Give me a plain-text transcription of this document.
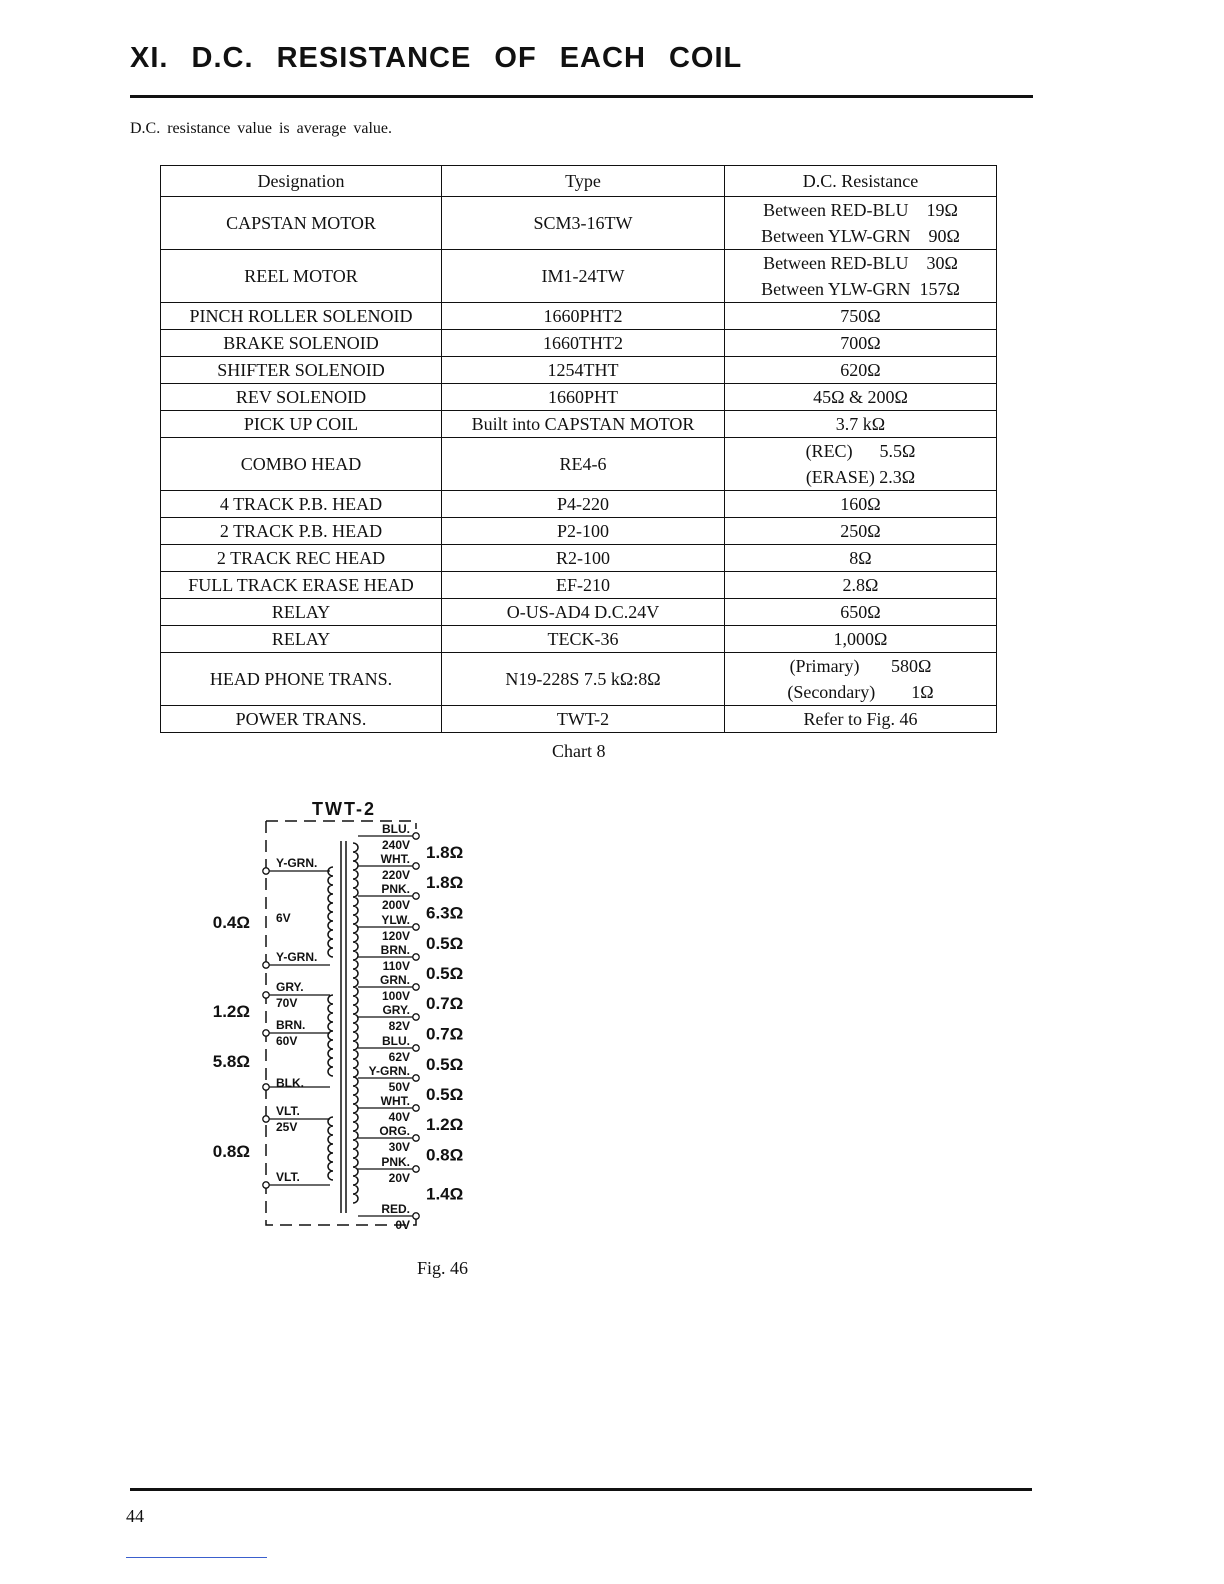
XI. D.C. RESISTANCE OF EACH COIL
D.C. resistance value is average value.
Designation	Type	D.C. Resistance
CAPSTAN MOTOR	SCM3-16TW	Between RED-BLU    19Ω
Between YLW-GRN    90Ω

REEL MOTOR	IM1-24TW	Between RED-BLU    30Ω
Between YLW-GRN  157Ω

PINCH ROLLER SOLENOID	1660PHT2	750Ω

BRAKE SOLENOID	1660THT2	700Ω

SHIFTER SOLENOID	1254THT	620Ω

REV SOLENOID	1660PHT	45Ω & 200Ω

PICK UP COIL	Built into CAPSTAN MOTOR	3.7 kΩ

COMBO HEAD	RE4-6	(REC)      5.5Ω
(ERASE) 2.3Ω

4 TRACK P.B. HEAD	P4-220	160Ω

2 TRACK P.B. HEAD	P2-100	250Ω

2 TRACK REC HEAD	R2-100	8Ω

FULL TRACK ERASE HEAD	EF-210	2.8Ω

RELAY	O-US-AD4 D.C.24V	650Ω

RELAY	TECK-36	1,000Ω

HEAD PHONE TRANS.	N19-228S 7.5 kΩ:8Ω	(Primary)       580Ω
(Secondary)        1Ω

POWER TRANS.	TWT-2	Refer to Fig. 46
Chart 8
TWT-2
BLU.
240V
WHT.
220V
PNK.
200V
YLW.
120V
BRN.
110V
GRN.
100V
GRY.
82V
BLU.
62V
Y-GRN.
50V
WHT.
40V
ORG.
30V
PNK.
20V
RED.
0V
1.8Ω
1.8Ω
6.3Ω
0.5Ω
0.5Ω
0.7Ω
0.7Ω
0.5Ω
0.5Ω
1.2Ω
0.8Ω
1.4Ω
Y-GRN.
Y-GRN.
6V
0.4Ω
GRY.
70V
BRN.
60V
BLK.
1.2Ω
5.8Ω
VLT.
25V
VLT.
0.8Ω
Fig. 46
44
